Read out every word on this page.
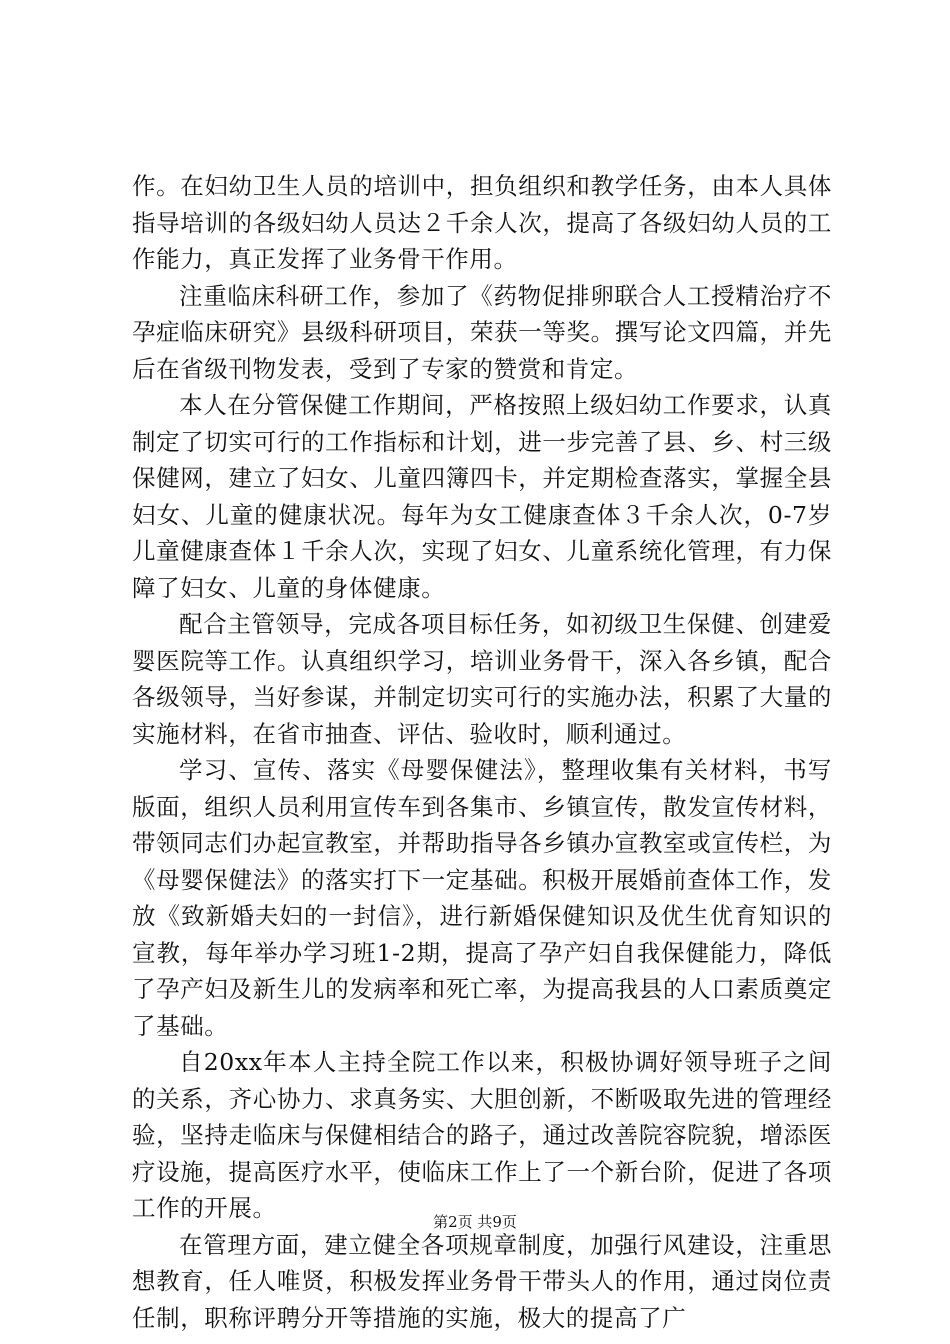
作。在妇幼卫生人员的培训中，担负组织和教学任务，由本人具体指导培训的各级妇幼人员达２千余人次，提高了各级妇幼人员的工作能力，真正发挥了业务骨干作用。

注重临床科研工作，参加了《药物促排卵联合人工授精治疗不孕症临床研究》县级科研项目，荣获一等奖。撰写论文四篇，并先后在省级刊物发表，受到了专家的赞赏和肯定。

本人在分管保健工作期间，严格按照上级妇幼工作要求，认真制定了切实可行的工作指标和计划，进一步完善了县、乡、村三级保健网，建立了妇女、儿童四簿四卡，并定期检查落实，掌握全县妇女、儿童的健康状况。每年为女工健康查体３千余人次，0-7岁儿童健康查体１千余人次，实现了妇女、儿童系统化管理，有力保障了妇女、儿童的身体健康。

配合主管领导，完成各项目标任务，如初级卫生保健、创建爱婴医院等工作。认真组织学习，培训业务骨干，深入各乡镇，配合各级领导，当好参谋，并制定切实可行的实施办法，积累了大量的实施材料，在省市抽查、评估、验收时，顺利通过。

学习、宣传、落实《母婴保健法》，整理收集有关材料，书写版面，组织人员利用宣传车到各集市、乡镇宣传，散发宣传材料，带领同志们办起宣教室，并帮助指导各乡镇办宣教室或宣传栏，为《母婴保健法》的落实打下一定基础。积极开展婚前查体工作，发放《致新婚夫妇的一封信》，进行新婚保健知识及优生优育知识的宣教，每年举办学习班1-2期，提高了孕产妇自我保健能力，降低了孕产妇及新生儿的发病率和死亡率，为提高我县的人口素质奠定了基础。

自20xx年本人主持全院工作以来，积极协调好领导班子之间的关系，齐心协力、求真务实、大胆创新，不断吸取先进的管理经验，坚持走临床与保健相结合的路子，通过改善院容院貌，增添医疗设施，提高医疗水平，使临床工作上了一个新台阶，促进了各项工作的开展。

在管理方面，建立健全各项规章制度，加强行风建设，注重思想教育，任人唯贤，积极发挥业务骨干带头人的作用，通过岗位责任制，职称评聘分开等措施的实施，极大的提高了广

第2页 共9页
